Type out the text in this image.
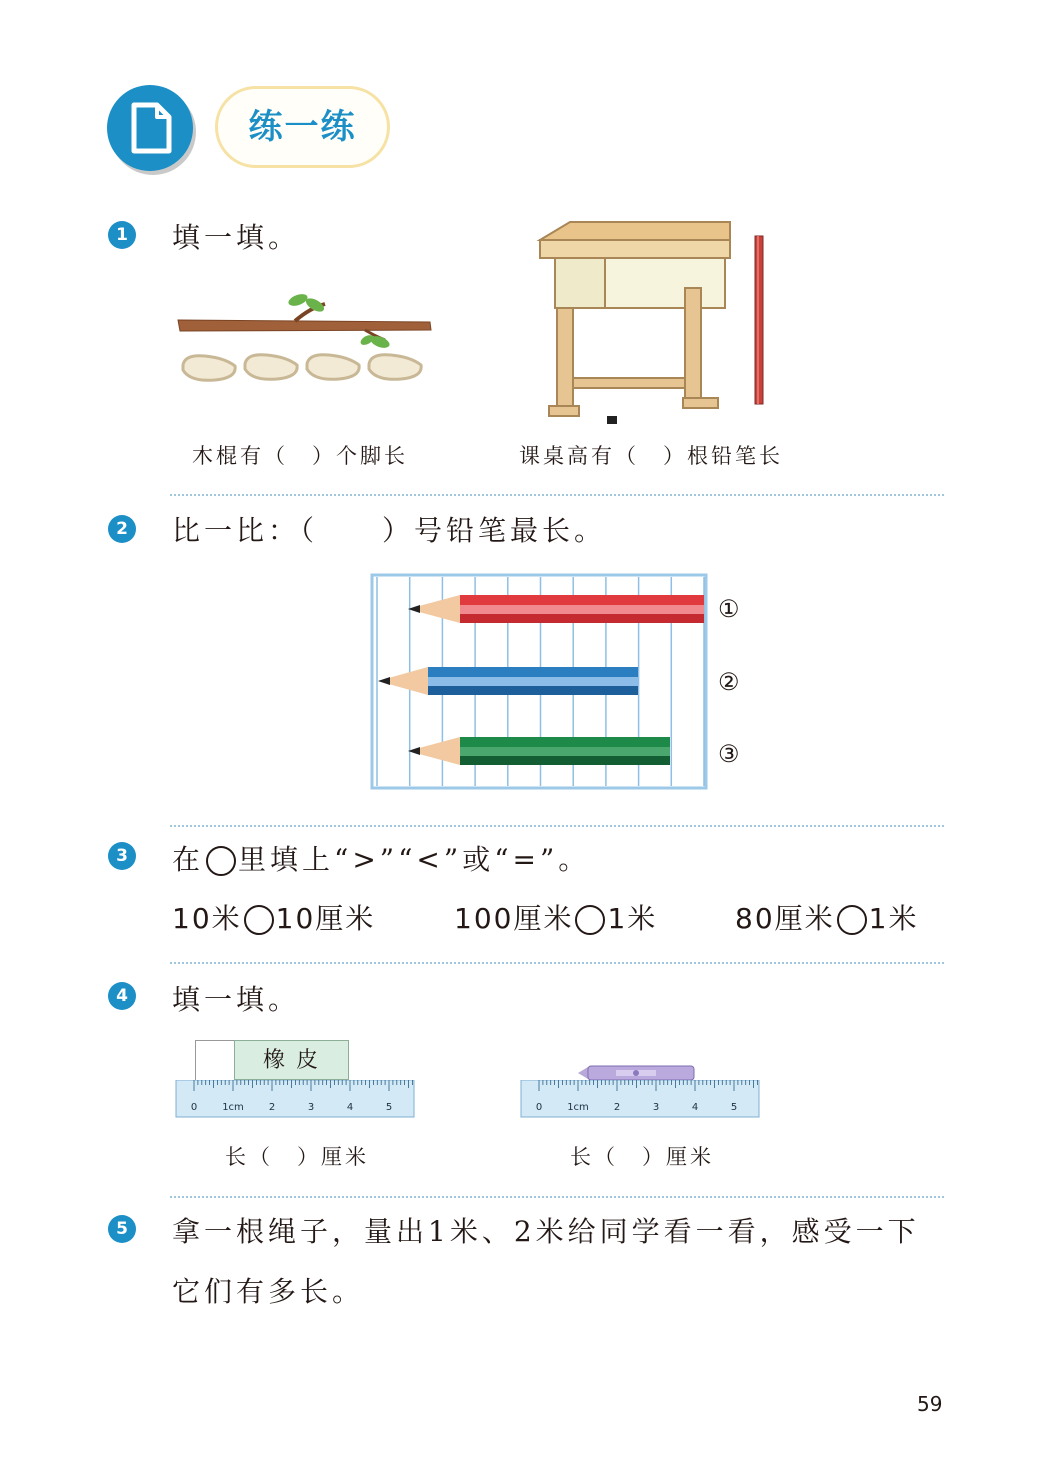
练一练
1 填一填。
木棍有（　）个脚长	课桌高有（　）根铅笔长
2 比一比：（　　）号铅笔最长。
①
②
③
3 在 里填上“>”“<”或“=”。
10米 10厘米	100厘米 1米	80厘米 1米
4 填一填。
橡 皮
0	1cm	2	3	4	5	0	1cm	2	3	4	5
长（　）厘米	长（　）厘米
5 拿一根绳子，量出1米、2米给同学看一看，感受一下
它们有多长。
59
